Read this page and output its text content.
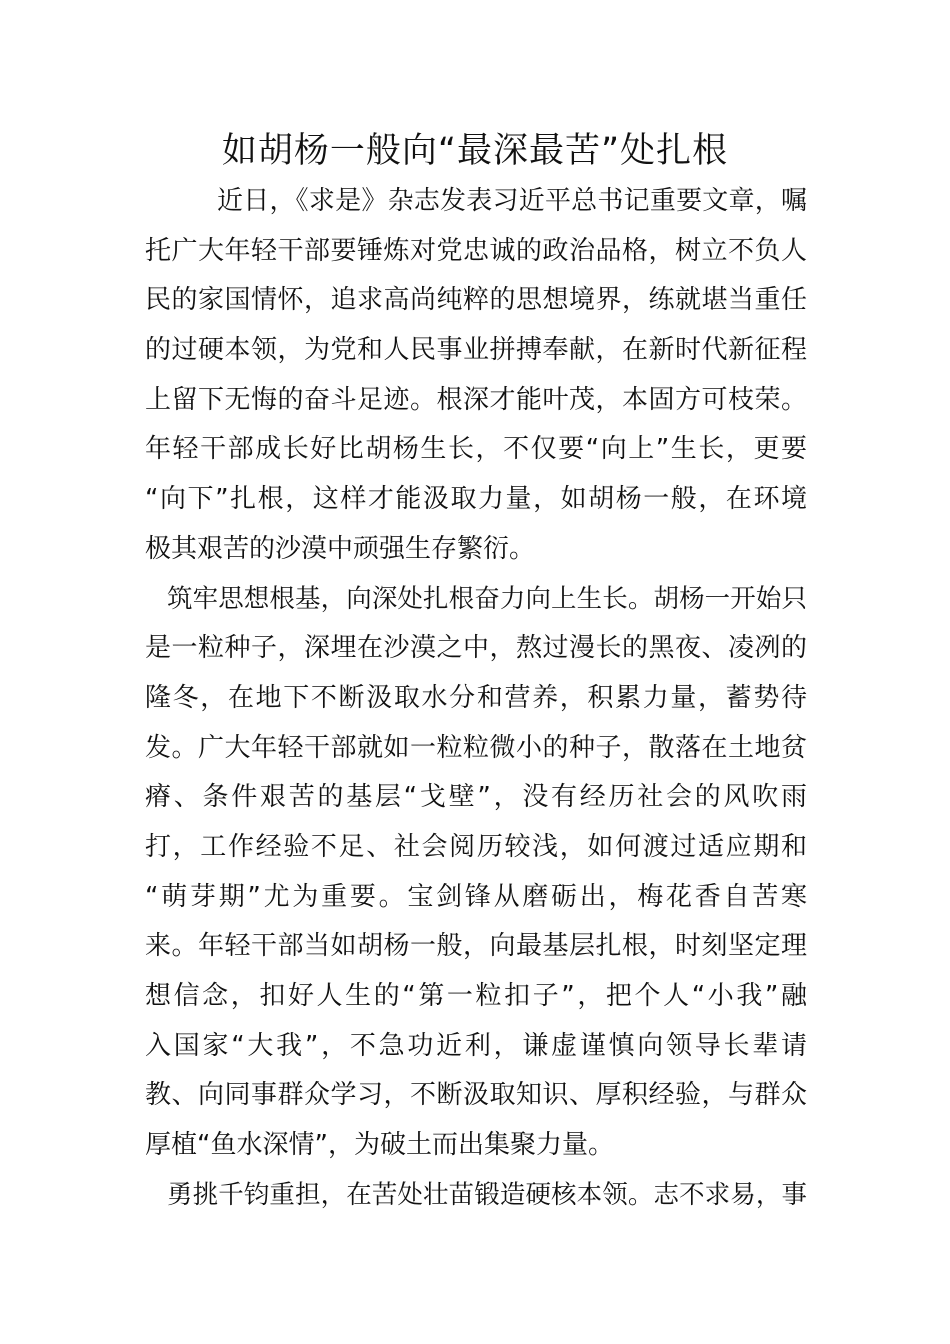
如胡杨一般向“最深最苦”处扎根
近日，《求是》杂志发表习近平总书记重要文章，嘱
托广大年轻干部要锤炼对党忠诚的政治品格，树立不负人
民的家国情怀，追求高尚纯粹的思想境界，练就堪当重任
的过硬本领，为党和人民事业拼搏奉献，在新时代新征程
上留下无悔的奋斗足迹。根深才能叶茂，本固方可枝荣。
年轻干部成长好比胡杨生长，不仅要“向上”生长，更要
“向下”扎根，这样才能汲取力量，如胡杨一般，在环境
极其艰苦的沙漠中顽强生存繁衍。
筑牢思想根基，向深处扎根奋力向上生长。胡杨一开始只
是一粒种子，深埋在沙漠之中，熬过漫长的黑夜、凌冽的
隆冬，在地下不断汲取水分和营养，积累力量，蓄势待
发。广大年轻干部就如一粒粒微小的种子，散落在土地贫
瘠、条件艰苦的基层“戈壁”，没有经历社会的风吹雨
打，工作经验不足、社会阅历较浅，如何渡过适应期和
“萌芽期”尤为重要。宝剑锋从磨砺出，梅花香自苦寒
来。年轻干部当如胡杨一般，向最基层扎根，时刻坚定理
想信念，扣好人生的“第一粒扣子”，把个人“小我”融
入国家“大我”，不急功近利，谦虚谨慎向领导长辈请
教、向同事群众学习，不断汲取知识、厚积经验，与群众
厚植“鱼水深情”，为破土而出集聚力量。
勇挑千钧重担，在苦处壮苗锻造硬核本领。志不求易，事
